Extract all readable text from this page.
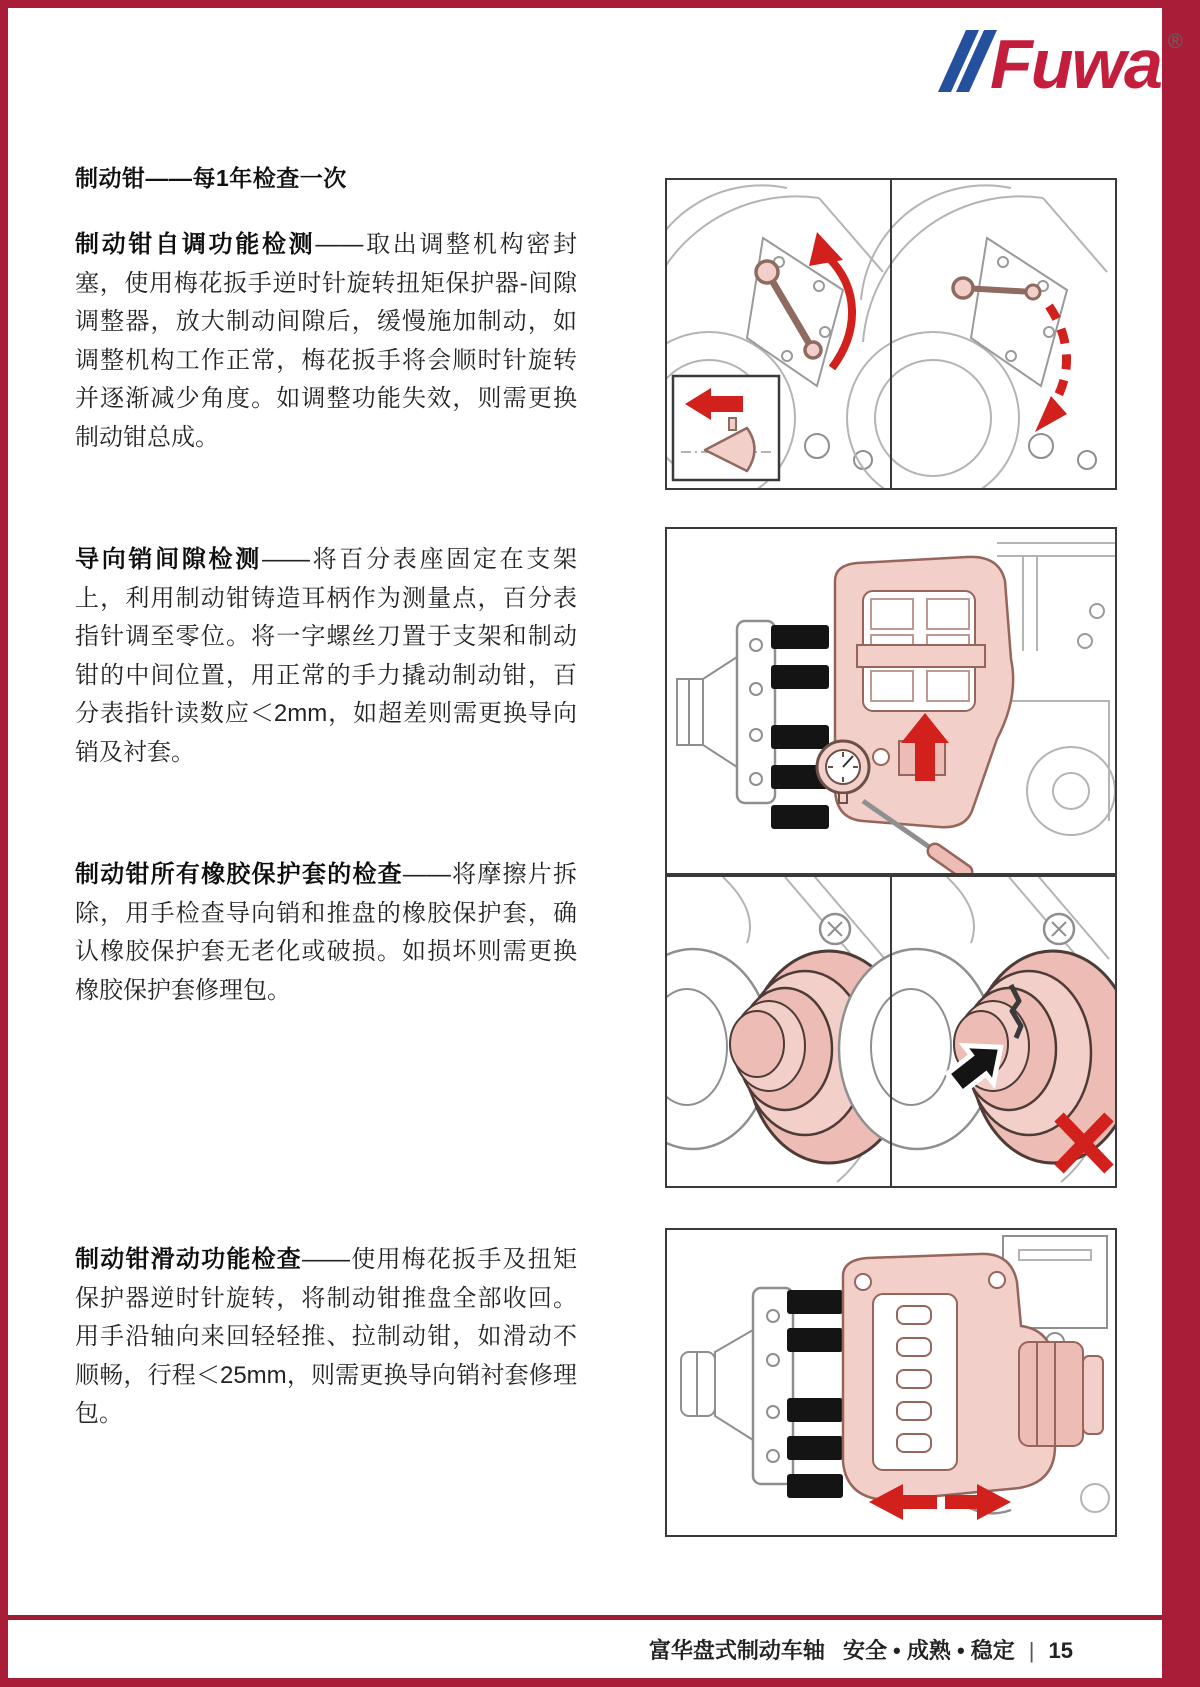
Fuwa ®
制动钳——每1年检查一次

制动钳自调功能检测——取出调整机构密封塞，使用梅花扳手逆时针旋转扭矩保护器-间隙调整器，放大制动间隙后，缓慢施加制动，如调整机构工作正常，梅花扳手将会顺时针旋转并逐渐减少角度。如调整功能失效，则需更换制动钳总成。

导向销间隙检测——将百分表座固定在支架上，利用制动钳铸造耳柄作为测量点，百分表指针调至零位。将一字螺丝刀置于支架和制动钳的中间位置，用正常的手力撬动制动钳，百分表指针读数应＜2mm，如超差则需更换导向销及衬套。

制动钳所有橡胶保护套的检查——将摩擦片拆除，用手检查导向销和推盘的橡胶保护套，确认橡胶保护套无老化或破损。如损坏则需更换橡胶保护套修理包。

制动钳滑动功能检查——使用梅花扳手及扭矩保护器逆时针旋转，将制动钳推盘全部收回。用手沿轴向来回轻轻推、拉制动钳，如滑动不顺畅，行程＜25mm，则需更换导向销衬套修理包。

富华盘式制动车轴 安全 • 成熟 • 稳定 | 15
